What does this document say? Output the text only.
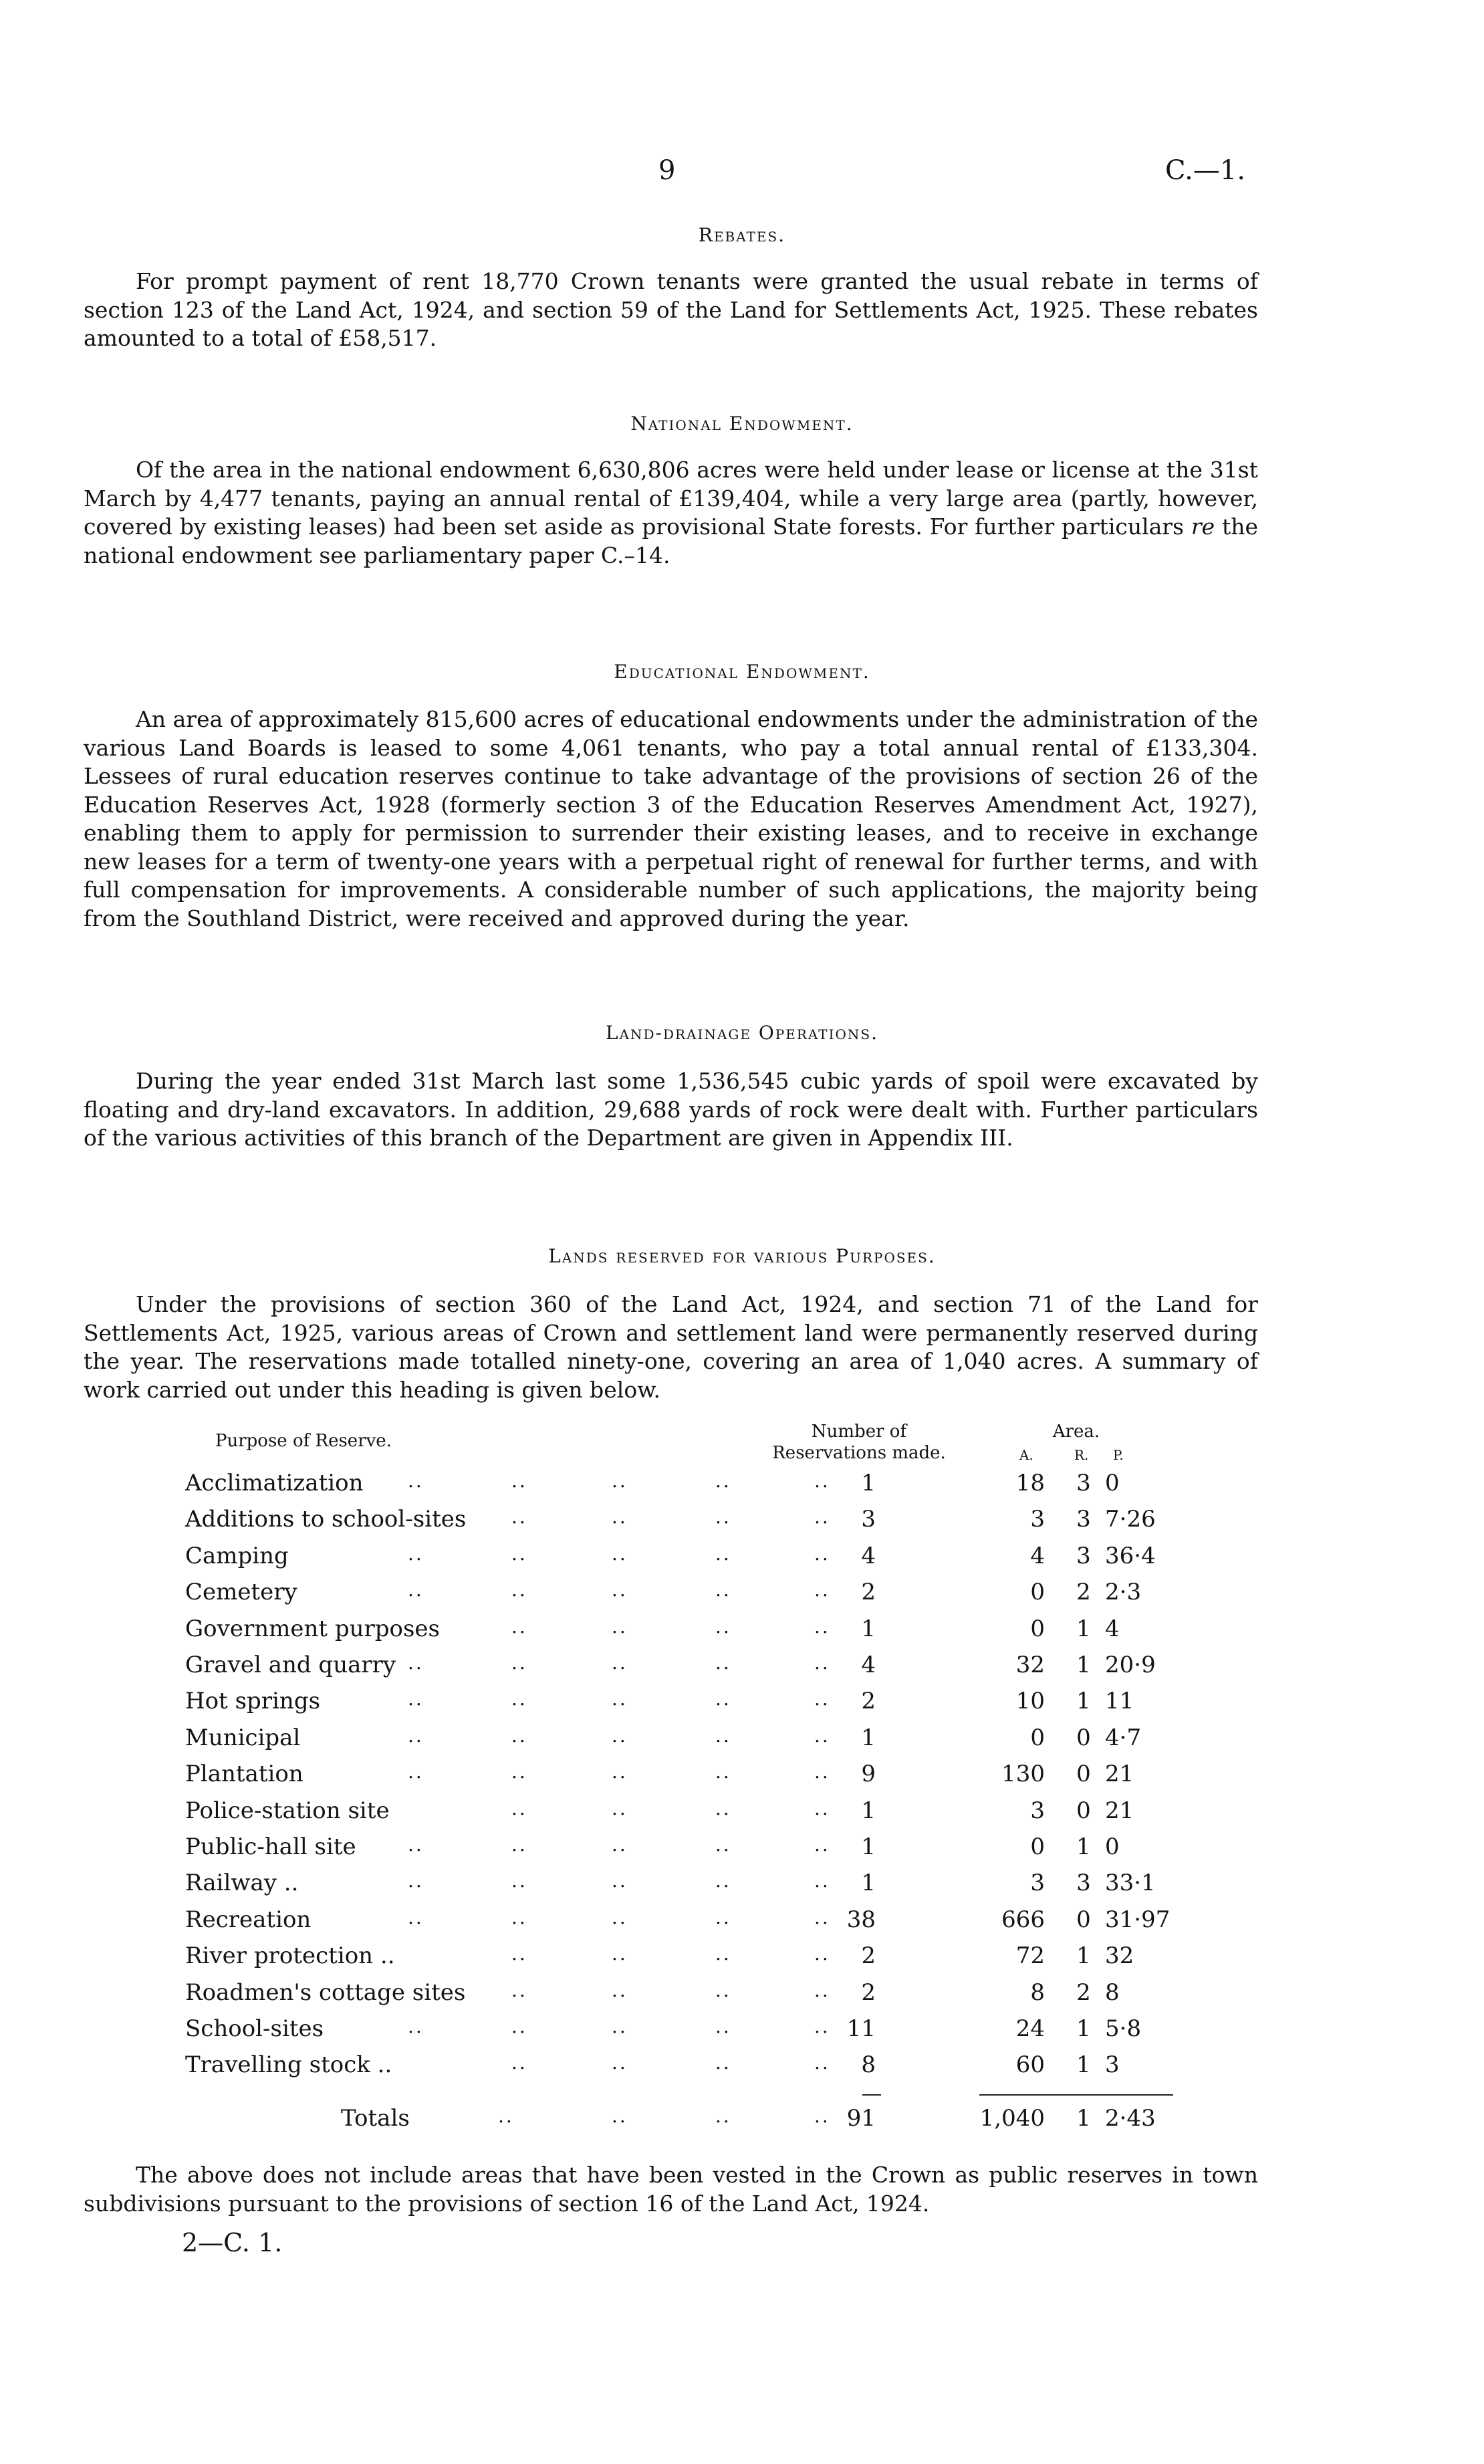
9	C.—1.
Rebates.
For prompt payment of rent 18,770 Crown tenants were granted the usual rebate in terms of section 123 of the Land Act, 1924, and section 59 of the Land for Settlements Act, 1925. These rebates amounted to a total of £58,517.
National Endowment.
Of the area in the national endowment 6,630,806 acres were held under lease or license at the 31st March by 4,477 tenants, paying an annual rental of £139,404, while a very large area (partly, however, covered by existing leases) had been set aside as provisional State forests. For further particulars re the national endowment see parliamentary paper C.–14.
Educational Endowment.
An area of approximately 815,600 acres of educational endowments under the administration of the various Land Boards is leased to some 4,061 tenants, who pay a total annual rental of £133,304. Lessees of rural education reserves continue to take advantage of the provisions of section 26 of the Education Reserves Act, 1928 (formerly section 3 of the Education Reserves Amendment Act, 1927), enabling them to apply for permission to surrender their existing leases, and to receive in exchange new leases for a term of twenty-one years with a perpetual right of renewal for further terms, and with full compensation for improvements. A considerable number of such applications, the majority being from the Southland District, were received and approved during the year.
Land-drainage Operations.
During the year ended 31st March last some 1,536,545 cubic yards of spoil were excavated by floating and dry-land excavators. In addition, 29,688 yards of rock were dealt with. Further particulars of the various activities of this branch of the Department are given in Appendix III.
Lands reserved for various Purposes.
Under the provisions of section 360 of the Land Act, 1924, and section 71 of the Land for Settlements Act, 1925, various areas of Crown and settlement land were permanently reserved during the year. The reservations made totalled ninety-one, covering an area of 1,040 acres. A summary of work carried out under this heading is given below.
Purpose of Reserve.	Number of
Reservations made.
Area.
A.	R. P.
Acclimatization ..	..	..	..	..	1	18	3 0
Additions to school-sites ..	..	..	..	3	3	3 7·26
Camping	..	..	..	..	..	4	4	3 36·4
Cemetery	..	..	..	..	..	2	0	2 2·3
Government purposes	..	..	..	..	1	0	1 4
Gravel and quarry ..	..	..	..	..	4	32	1 20·9
Hot springs	..	..	..	..	..	2	10	1 11
Municipal	..	..	..	..	..	1	0	0 4·7
Plantation	..	..	..	..	..	9	130	0 21
Police-station site	..	..	..	..	1	3	0 21
Public-hall site	..	..	..	..	..	1	0	1 0
Railway ..	..	..	..	..	..	1	3	3 33·1
Recreation	..	..	..	..	.. 38	666	0 31·97
River protection ..	..	..	..	..	2	72	1 32
Roadmen's cottage sites ..	..	..	..	2	8	2 8
School-sites	..	..	..	..	.. 11	24	1 5·8
Travelling stock ..	..	..	..	..	8	60	1 3
Totals	..	..	..	.. 91	1,040	1 2·43
The above does not include areas that have been vested in the Crown as public reserves in town subdivisions pursuant to the provisions of section 16 of the Land Act, 1924.
2—C. 1.
